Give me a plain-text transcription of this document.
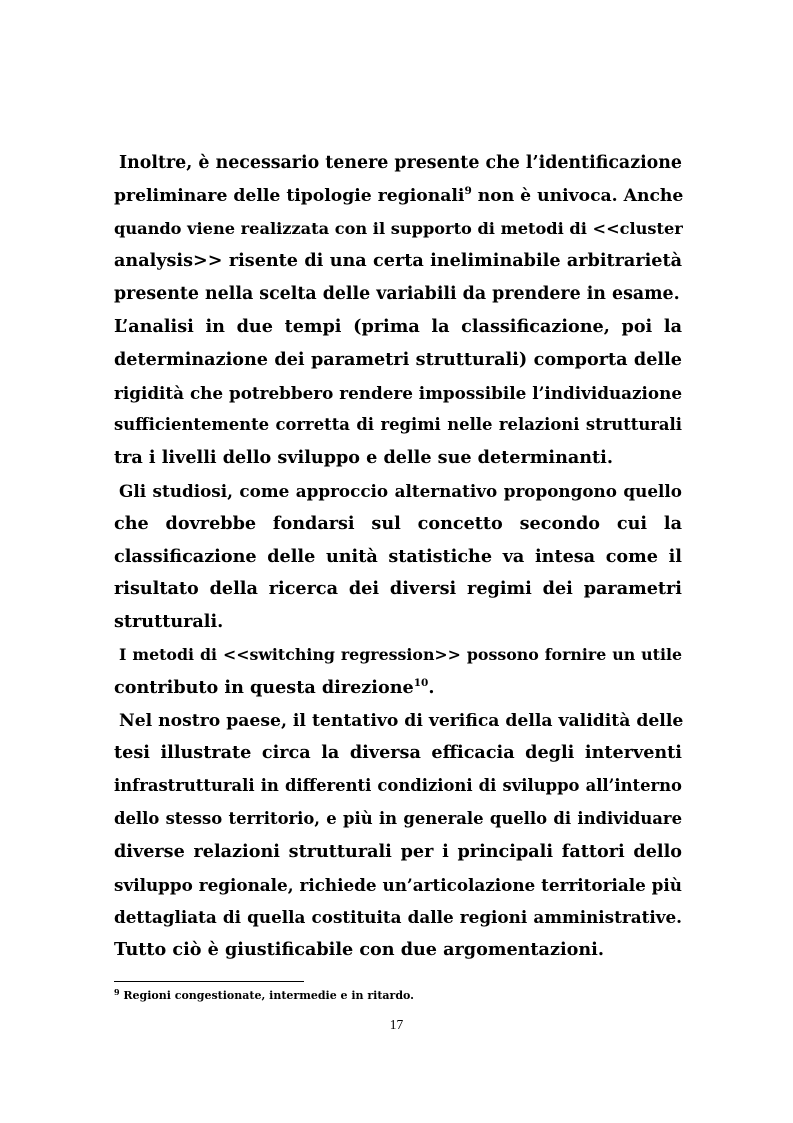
Inoltre, è necessario tenere presente che l’identificazione
preliminare delle tipologie regionali$^9$ non è univoca. Anche
quando viene realizzata con il supporto di metodi di <<cluster
analysis>> risente di una certa ineliminabile arbitrarietà
presente nella scelta delle variabili da prendere in esame.
L’analisi in due tempi (prima la classificazione, poi la
determinazione dei parametri strutturali) comporta delle
rigidità che potrebbero rendere impossibile l’individuazione
sufficientemente corretta di regimi nelle relazioni strutturali
tra i livelli dello sviluppo e delle sue determinanti.
Gli studiosi, come approccio alternativo propongono quello
che dovrebbe fondarsi sul concetto secondo cui la
classificazione delle unità statistiche va intesa come il
risultato della ricerca dei diversi regimi dei parametri
strutturali.
I metodi di <<switching regression>> possono fornire un utile
contributo in questa direzione$^{10}$.
Nel nostro paese, il tentativo di verifica della validità delle
tesi illustrate circa la diversa efficacia degli interventi
infrastrutturali in differenti condizioni di sviluppo all’interno
dello stesso territorio, e più in generale quello di individuare
diverse relazioni strutturali per i principali fattori dello
sviluppo regionale, richiede un’articolazione territoriale più
dettagliata di quella costituita dalle regioni amministrative.
Tutto ciò è giustificabile con due argomentazioni.
$^9$ Regioni congestionate, intermedie e in ritardo.
17
